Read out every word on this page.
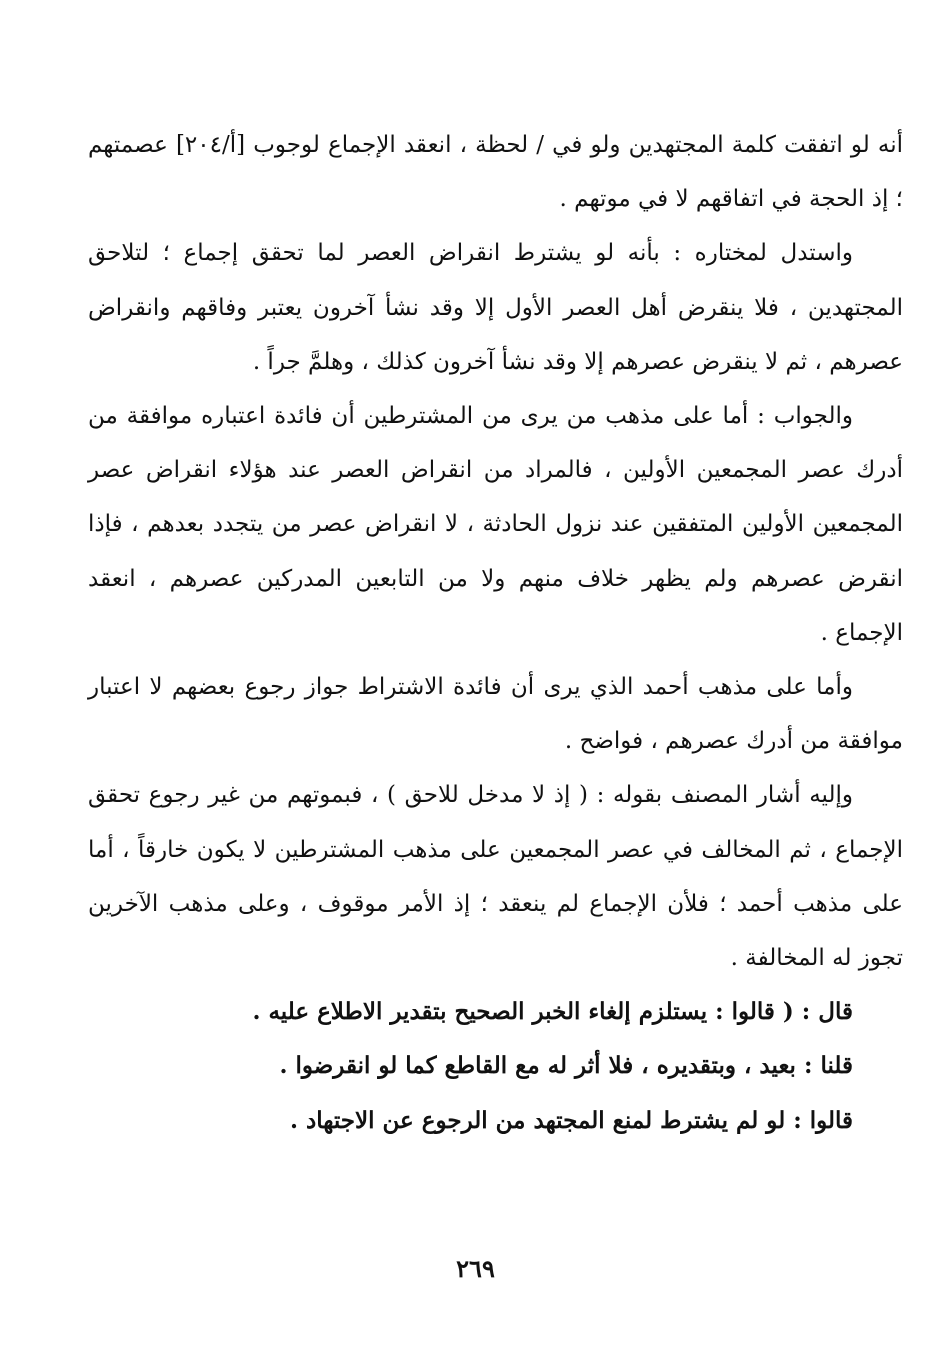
أنه لو اتفقت كلمة المجتهدين ولو في / لحظة ، انعقد الإجماع لوجوب [أ/٢٠٤] عصمتهم ؛ إذ الحجة في اتفاقهم لا في موتهم .

واستدل لمختاره : بأنه لو يشترط انقراض العصر لما تحقق إجماع ؛ لتلاحق المجتهدين ، فلا ينقرض أهل العصر الأول إلا وقد نشأ آخرون يعتبر وفاقهم وانقراض عصرهم ، ثم لا ينقرض عصرهم إلا وقد نشأ آخرون كذلك ، وهلمَّ جراً .

والجواب : أما على مذهب من يرى من المشترطين أن فائدة اعتباره موافقة من أدرك عصر المجمعين الأولين ، فالمراد من انقراض العصر عند هؤلاء انقراض عصر المجمعين الأولين المتفقين عند نزول الحادثة ، لا انقراض عصر من يتجدد بعدهم ، فإذا انقرض عصرهم ولم يظهر خلاف منهم ولا من التابعين المدركين عصرهم ، انعقد الإجماع .

وأما على مذهب أحمد الذي يرى أن فائدة الاشتراط جواز رجوع بعضهم لا اعتبار موافقة من أدرك عصرهم ، فواضح .

وإليه أشار المصنف بقوله : ( إذ لا مدخل للاحق ) ، فبموتهم من غير رجوع تحقق الإجماع ، ثم المخالف في عصر المجمعين على مذهب المشترطين لا يكون خارقاً ، أما على مذهب أحمد ؛ فلأن الإجماع لم ينعقد ؛ إذ الأمر موقوف ، وعلى مذهب الآخرين تجوز له المخالفة .

قال : ( قالوا : يستلزم إلغاء الخبر الصحيح بتقدير الاطلاع عليه .

قلنا : بعيد ، وبتقديره ، فلا أثر له مع القاطع كما لو انقرضوا .

قالوا : لو لم يشترط لمنع المجتهد من الرجوع عن الاجتهاد .

٢٦٩
